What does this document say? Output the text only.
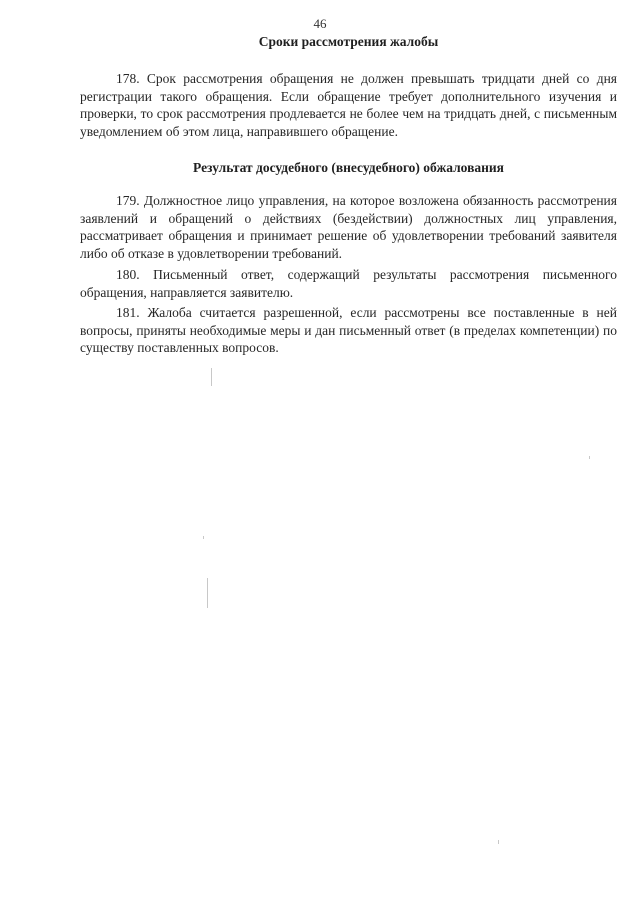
46
Сроки рассмотрения жалобы

178. Срок рассмотрения обращения не должен превышать тридцати дней со дня регистрации такого обращения. Если обращение требует дополнительного изучения и проверки, то срок рассмотрения продлевается не более чем на тридцать дней, с письменным уведомлением об этом лица, направившего обращение.

Результат досудебного (внесудебного) обжалования

179. Должностное лицо управления, на которое возложена обязанность рассмотрения заявлений и обращений о действиях (бездействии) должностных лиц управления, рассматривает обращения и принимает решение об удовлетворении требований заявителя либо об отказе в удовлетворении требований.

180. Письменный ответ, содержащий результаты рассмотрения письменного обращения, направляется заявителю.

181. Жалоба считается разрешенной, если рассмотрены все поставленные в ней вопросы, приняты необходимые меры и дан письменный ответ (в пределах компетенции) по существу поставленных вопросов.
